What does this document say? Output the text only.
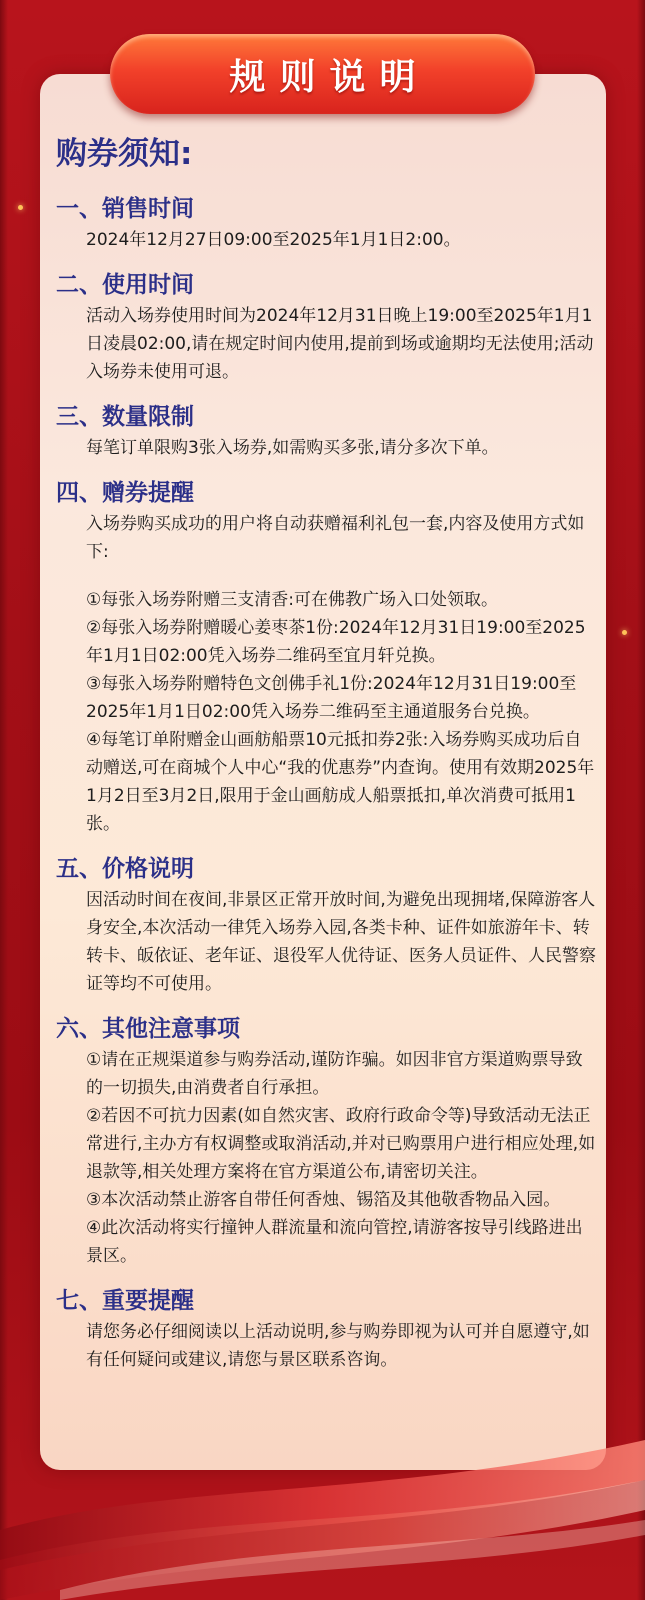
规则说明
购券须知:
一、销售时间
2024年12月27日09:00至2025年1月1日2:00。
二、使用时间
活动入场券使用时间为2024年12月31日晚上19:00至2025年1月1日凌晨02:00,请在规定时间内使用,提前到场或逾期均无法使用;活动入场券未使用可退。
三、数量限制
每笔订单限购3张入场券,如需购买多张,请分多次下单。
四、赠券提醒
入场券购买成功的用户将自动获赠福利礼包一套,内容及使用方式如下:
①每张入场券附赠三支清香:可在佛教广场入口处领取。
②每张入场券附赠暖心姜枣茶1份:2024年12月31日19:00至2025年1月1日02:00凭入场券二维码至宜月轩兑换。
③每张入场券附赠特色文创佛手礼1份:2024年12月31日19:00至2025年1月1日02:00凭入场券二维码至主通道服务台兑换。
④每笔订单附赠金山画舫船票10元抵扣券2张:入场券购买成功后自动赠送,可在商城个人中心“我的优惠券”内查询。使用有效期2025年1月2日至3月2日,限用于金山画舫成人船票抵扣,单次消费可抵用1张。
五、价格说明
因活动时间在夜间,非景区正常开放时间,为避免出现拥堵,保障游客人身安全,本次活动一律凭入场券入园,各类卡种、证件如旅游年卡、转转卡、皈依证、老年证、退役军人优待证、医务人员证件、人民警察证等均不可使用。
六、其他注意事项
①请在正规渠道参与购券活动,谨防诈骗。如因非官方渠道购票导致的一切损失,由消费者自行承担。
②若因不可抗力因素(如自然灾害、政府行政命令等)导致活动无法正常进行,主办方有权调整或取消活动,并对已购票用户进行相应处理,如退款等,相关处理方案将在官方渠道公布,请密切关注。
③本次活动禁止游客自带任何香烛、锡箔及其他敬香物品入园。
④此次活动将实行撞钟人群流量和流向管控,请游客按导引线路进出景区。
七、重要提醒
请您务必仔细阅读以上活动说明,参与购券即视为认可并自愿遵守,如有任何疑问或建议,请您与景区联系咨询。
